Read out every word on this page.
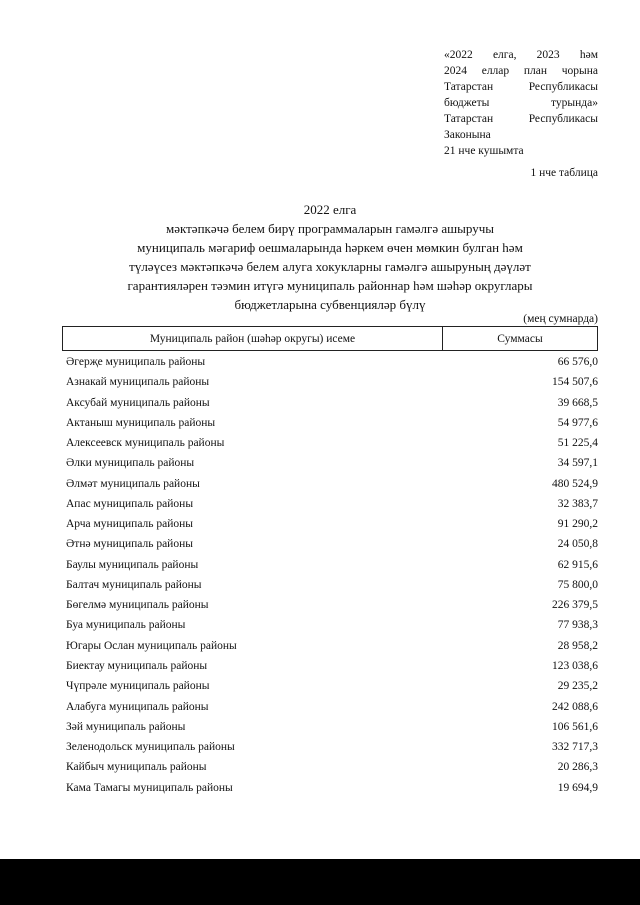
«2022 елга, 2023 һәм
2024 еллар план чорына
Татарстан Республикасы
бюджеты турында»
Татарстан Республикасы
Законына
21 нче кушымта
1 нче таблица
2022 елга
мәктәпкәчә белем бирү программаларын гамәлгә ашыручы
муниципаль мәгариф оешмаларында һәркем өчен мөмкин булган һәм
түләүсез мәктәпкәчә белем алуга хокукларны гамәлгә ашыруның дәүләт
гарантияләрен тәэмин итүгә муниципаль районнар һәм шәһәр округлары
бюджетларына субвенцияләр бүлү
(мең сумнарда)
Муниципаль район (шәһәр округы) исеме	Суммасы
Әгерҗе муниципаль районы	66 576,0
Азнакай муниципаль районы	154 507,6
Аксубай муниципаль районы	39 668,5
Актаныш муниципаль районы	54 977,6
Алексеевск муниципаль районы	51 225,4
Әлки муниципаль районы	34 597,1
Әлмәт муниципаль районы	480 524,9
Апас муниципаль районы	32 383,7
Арча муниципаль районы	91 290,2
Әтнә муниципаль районы	24 050,8
Баулы муниципаль районы	62 915,6
Балтач муниципаль районы	75 800,0
Бөгелмә муниципаль районы	226 379,5
Буа муниципаль районы	77 938,3
Югары Ослан муниципаль районы	28 958,2
Биектау муниципаль районы	123 038,6
Чүпрәле муниципаль районы	29 235,2
Алабуга муниципаль районы	242 088,6
Зәй муниципаль районы	106 561,6
Зеленодольск муниципаль районы	332 717,3
Кайбыч муниципаль районы	20 286,3
Кама Тамагы муниципаль районы	19 694,9
